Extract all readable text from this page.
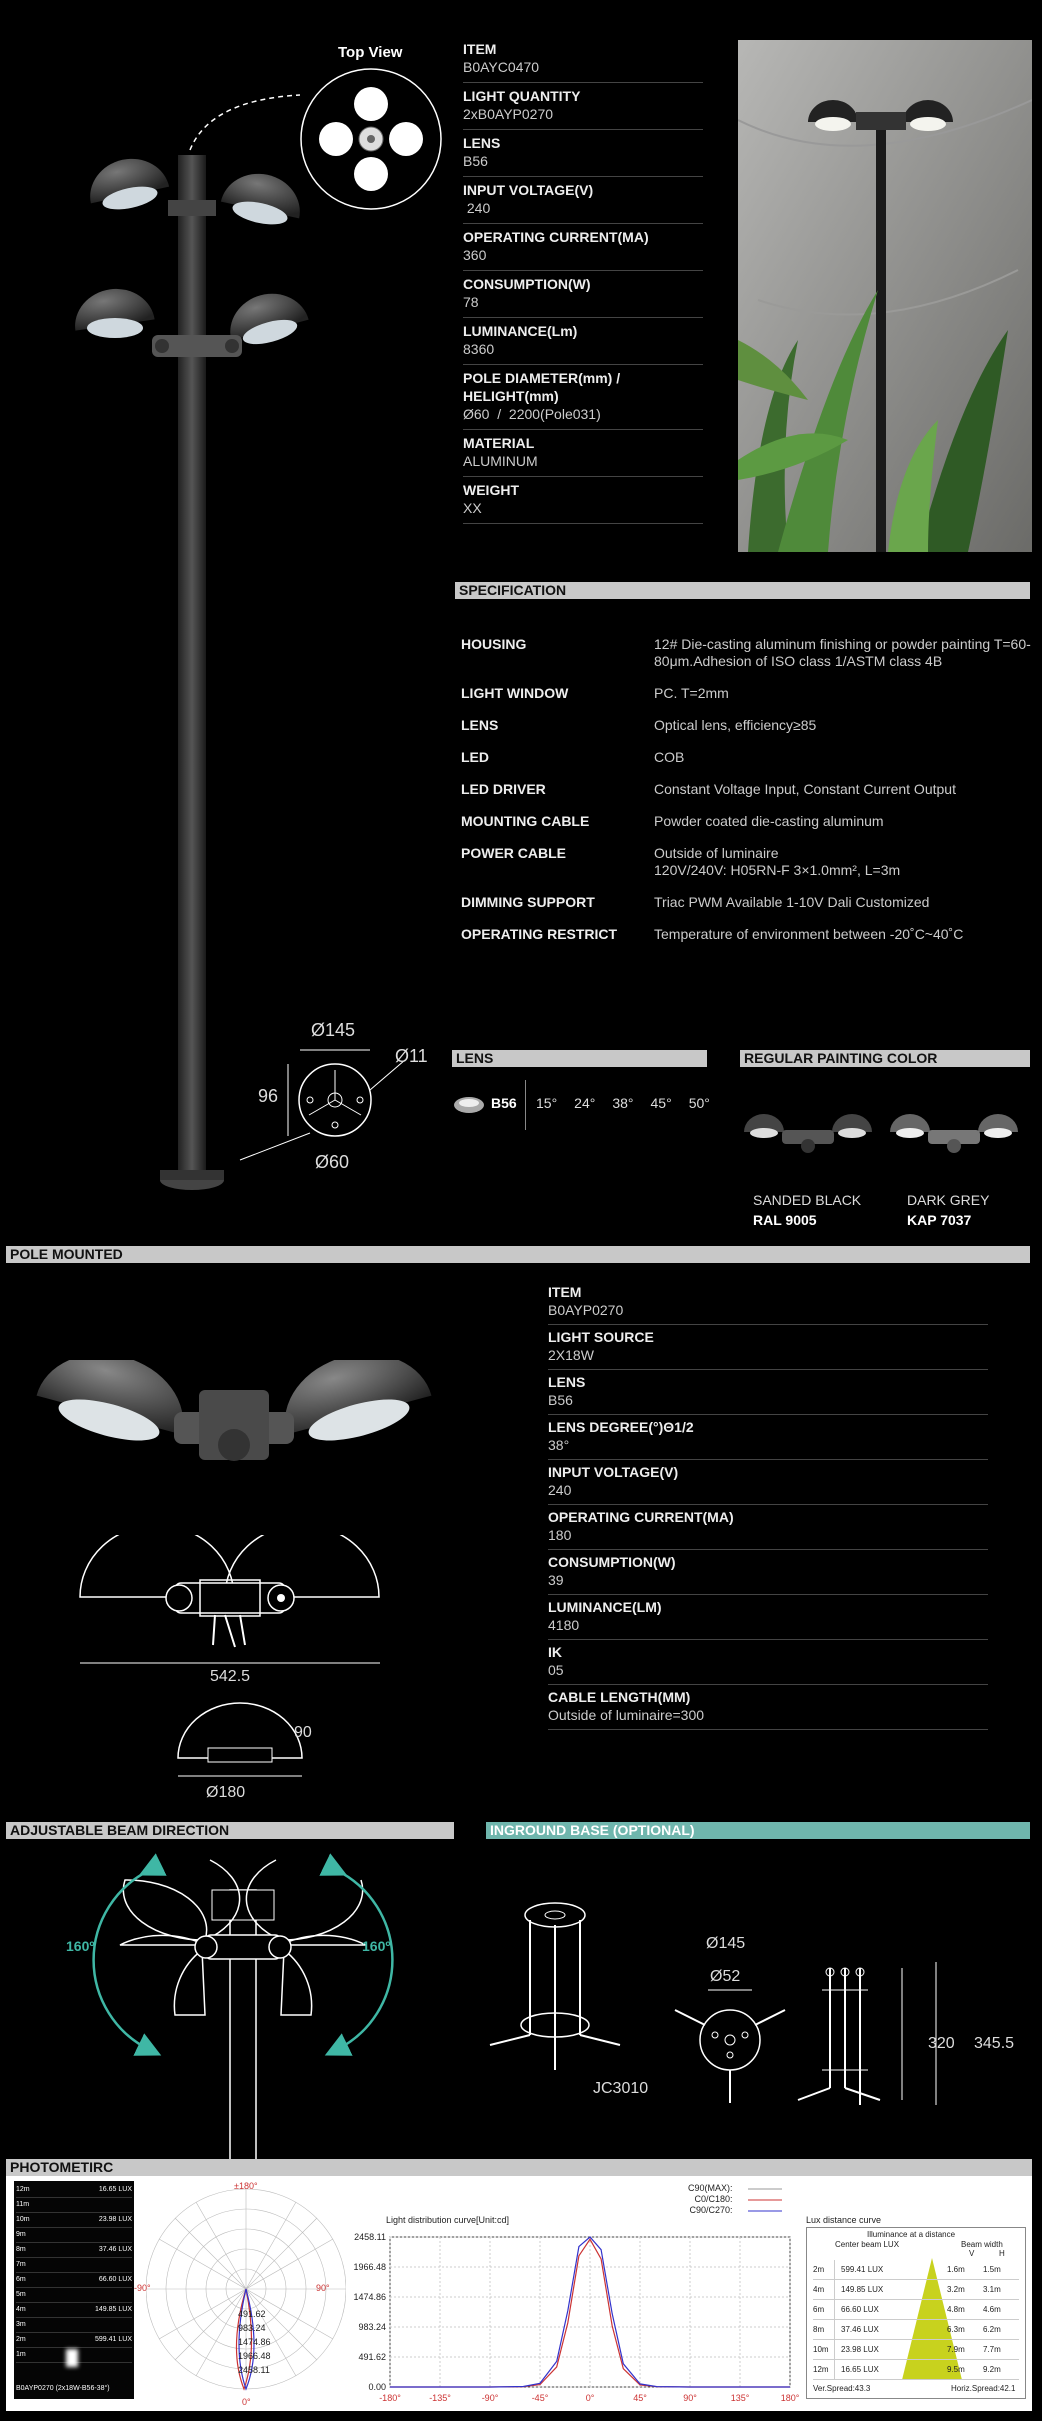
Top View	ITEM
B0AYC0470
LIGHT QUANTITY
2xB0AYP0270
LENS
B56
INPUT VOLTAGE(V)
240
OPERATING CURRENT(MA)
360
CONSUMPTION(W)
78
LUMINANCE(Lm)
8360
POLE DIAMETER(mm) / HELIGHT(mm)
Ø60  /  2200(Pole031)
MATERIAL
ALUMINUM
WEIGHT
XX
SPECIFICATION
HOUSING	12# Die-casting aluminum finishing or powder painting T=60-80μm.Adhesion of ISO class 1/ASTM class 4B
LIGHT WINDOW	PC. T=2mm
LENS	Optical lens, efficiency≥85
LED	COB
LED DRIVER	Constant Voltage Input, Constant Current Output
MOUNTING CABLE	Powder coated die-casting aluminum
POWER CABLE	Outside of luminaire
120V/240V: H05RN-F 3×1.0mm², L=3m
DIMMING SUPPORT	Triac PWM Available 1-10V Dali Customized
OPERATING RESTRICT	Temperature of environment between -20˚C~40˚C
Ø145
Ø11
96
Ø60
LENS
B56 15° 24° 38° 45° 50°
REGULAR PAINTING COLOR
SANDED BLACK
RAL 9005
DARK GREY
KAP 7037
POLE MOUNTED
542.5
90
Ø180
ITEM
B0AYP0270
LIGHT SOURCE
2X18W
LENS
B56
LENS DEGREE(°)Θ1/2
38°
INPUT VOLTAGE(V)
240
OPERATING CURRENT(MA)
180
CONSUMPTION(W)
39
LUMINANCE(LM)
4180
IK
05
CABLE LENGTH(MM)
Outside of luminaire=300
ADJUSTABLE BEAM DIRECTION
160º	160º
INGROUND BASE (OPTIONAL)
JC3010
Ø145
Ø52
320 345.5
PHOTOMETIRC
12m	16.65 LUX
11m
10m	23.98 LUX
9m
8m	37.46 LUX
7m
6m	66.60 LUX
5m
4m	149.85 LUX
3m
2m	599.41 LUX
1m
B0AYP0270 (2x18W-B56-38°)
±180°
-90°	90°
0°
491.62
983.24
1474.86
1966.48
2458.11
Light distribution curve[Unit:cd]
C90(MAX):
C0/C180:
C90/C270:
2458.11
1966.48
1474.86
983.24
491.62
0.00
-180°	-135°	-90°	-45°	0°	45°	90°	135°	180°
Lux distance curve
Illuminance at a distance
Center beam LUX	Beam width
V	H
2m	599.41 LUX	1.6m	1.5m
4m	149.85 LUX	3.2m	3.1m
6m	66.60 LUX	4.8m	4.6m
8m	37.46 LUX	6.3m	6.2m
10m	23.98 LUX	7.9m	7.7m
12m	16.65 LUX	9.5m	9.2m
Ver.Spread:43.3	Horiz.Spread:42.1
